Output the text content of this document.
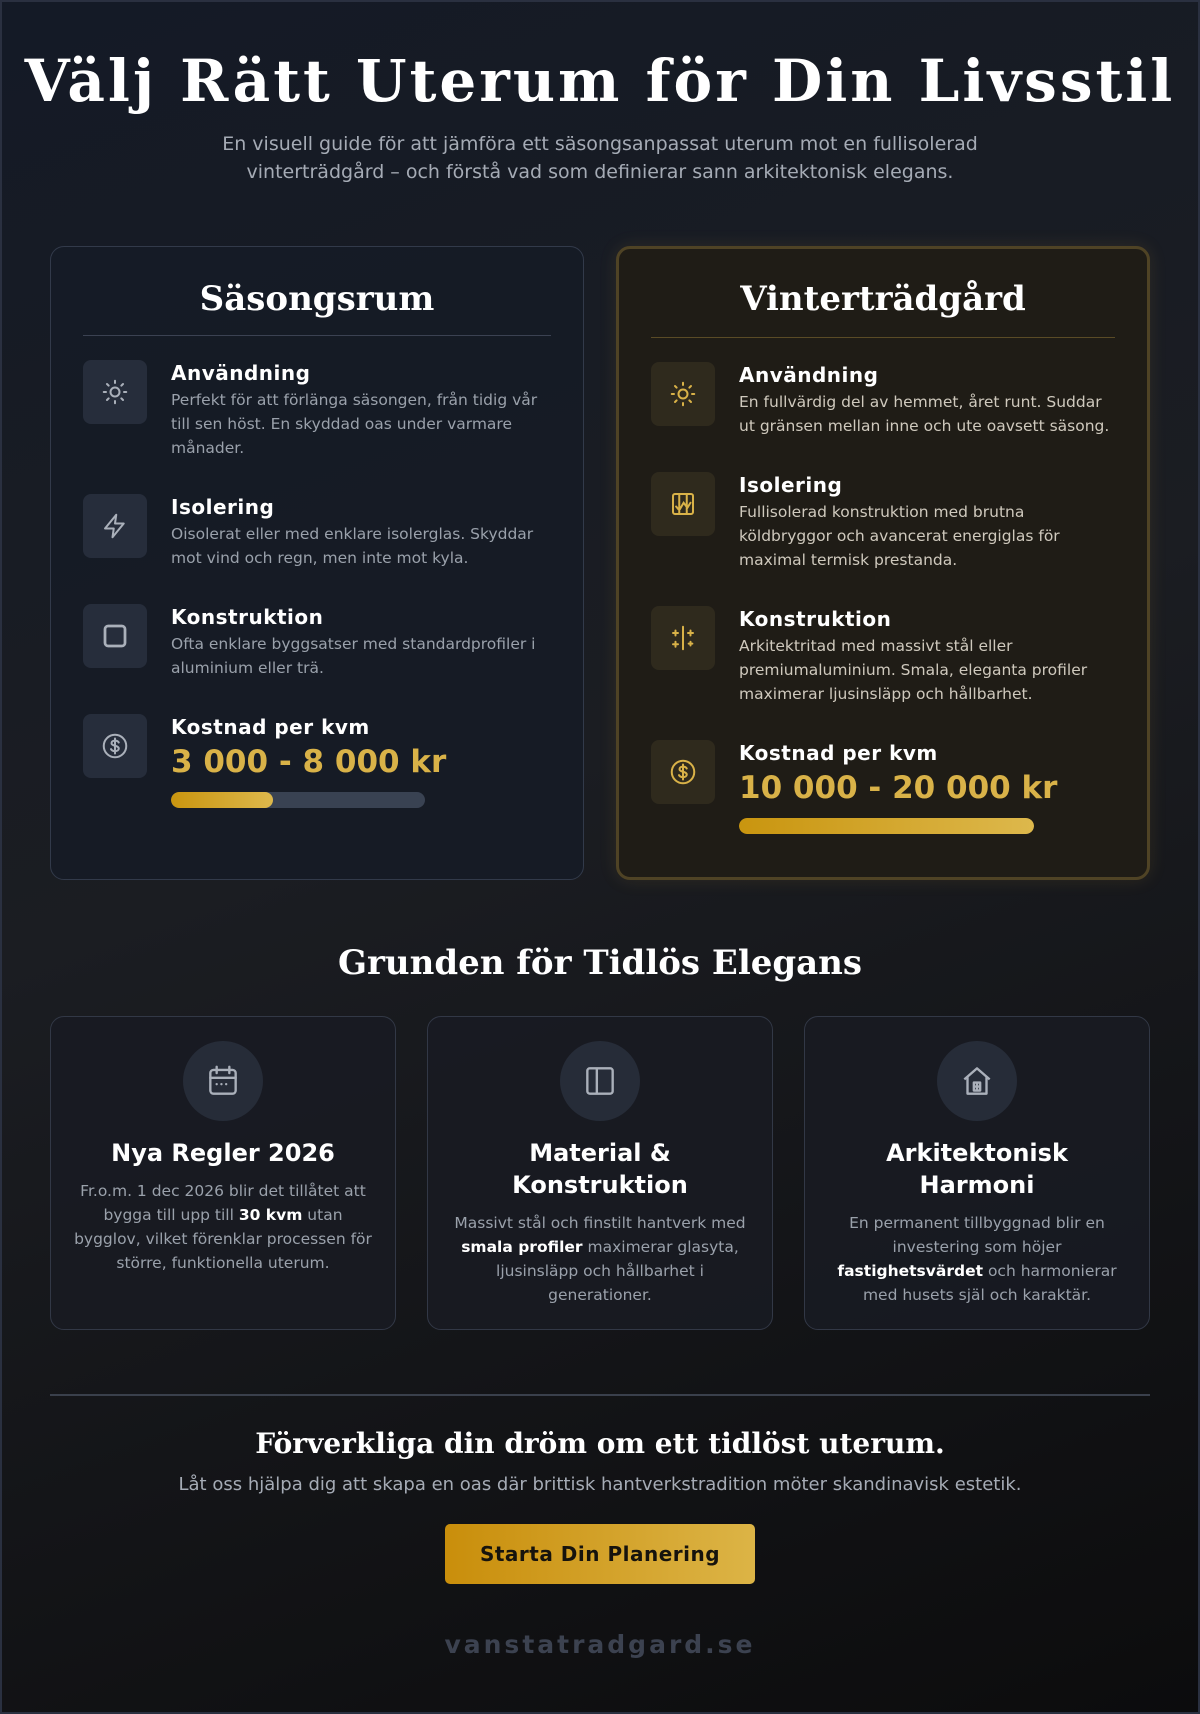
Välj Rätt Uterum för Din Livsstil

En visuell guide för att jämföra ett säsongsanpassat uterum mot en fullisolerad vinterträdgård – och förstå vad som definierar sann arkitektonisk elegans.

Säsongsrum
Användning

Perfekt för att förlänga säsongen, från tidig vår till sen höst. En skyddad oas under varmare månader.

Isolering

Oisolerat eller med enklare isolerglas. Skyddar mot vind och regn, men inte mot kyla.

Konstruktion

Ofta enklare byggsatser med standardprofiler i aluminium eller trä.

Kostnad per kvm
3 000 - 8 000 kr
Vinterträdgård
Användning

En fullvärdig del av hemmet, året runt. Suddar ut gränsen mellan inne och ute oavsett säsong.

Isolering

Fullisolerad konstruktion med brutna köldbryggor och avancerat energiglas för maximal termisk prestanda.

Konstruktion

Arkitektritad med massivt stål eller premiumaluminium. Smala, eleganta profiler maximerar ljusinsläpp och hållbarhet.

Kostnad per kvm
10 000 - 20 000 kr
Grunden för Tidlös Elegans
Nya Regler 2026

Fr.o.m. 1 dec 2026 blir det tillåtet att bygga till upp till 30 kvm utan bygglov, vilket förenklar processen för större, funktionella uterum.

Material & Konstruktion

Massivt stål och finstilt hantverk med smala profiler maximerar glasyta, ljusinsläpp och hållbarhet i generationer.

Arkitektonisk Harmoni

En permanent tillbyggnad blir en investering som höjer fastighetsvärdet och harmonierar med husets själ och karaktär.

Förverkliga din dröm om ett tidlöst uterum.

Låt oss hjälpa dig att skapa en oas där brittisk hantverkstradition möter skandinavisk estetik.

Starta Din Planering
vanstatradgard.se
